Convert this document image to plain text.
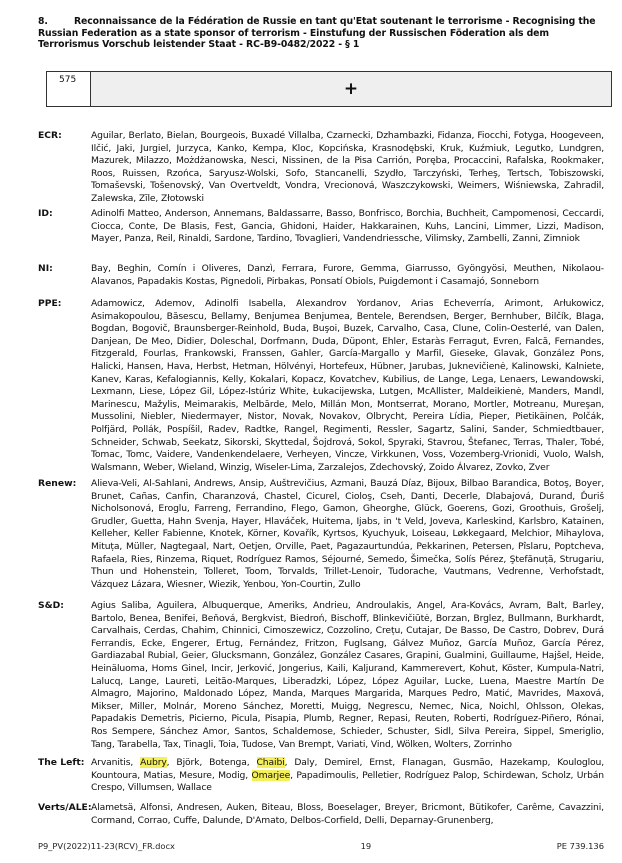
8.	Reconnaissance de la Fédération de Russie en tant qu'Etat soutenant le terrorisme - Recognising the Russian Federation as a state sponsor of terrorism - Einstufung der Russischen Föderation als dem Terrorismus Vorschub leistender Staat - RC-B9-0482/2022 - § 1
575	+
ECR:	Aguilar, Berlato, Bielan, Bourgeois, Buxadé Villalba, Czarnecki, Dzhambazki, Fidanza, Fiocchi, Fotyga, Hoogeveen, Ilčić, Jaki, Jurgiel, Jurzyca, Kanko, Kempa, Kloc, Kopcińska, Krasnodębski, Kruk, Kuźmiuk, Legutko, Lundgren, Mazurek, Milazzo, Możdżanowska, Nesci, Nissinen, de la Pisa Carrión, Poręba, Procaccini, Rafalska, Rookmaker, Roos, Ruissen, Rzońca, Saryusz-Wolski, Sofo, Stancanelli, Szydło, Tarczyński, Terheş, Tertsch, Tobiszowski, Tomaševski, Tošenovský, Van Overtveldt, Vondra, Vrecionová, Waszczykowski, Weimers, Wiśniewska, Zahradil, Zalewska, Zīle, Złotowski
ID:	Adinolfi Matteo, Anderson, Annemans, Baldassarre, Basso, Bonfrisco, Borchia, Buchheit, Campomenosi, Ceccardi, Ciocca, Conte, De Blasis, Fest, Gancia, Ghidoni, Haider, Hakkarainen, Kuhs, Lancini, Limmer, Lizzi, Madison, Mayer, Panza, Reil, Rinaldi, Sardone, Tardino, Tovaglieri, Vandendriessche, Vilimsky, Zambelli, Zanni, Zimniok
NI:	Bay, Beghin, Comín i Oliveres, Danzì, Ferrara, Furore, Gemma, Giarrusso, Gyöngyösi, Meuthen, Nikolaou-Alavanos, Papadakis Kostas, Pignedoli, Pirbakas, Ponsatí Obiols, Puigdemont i Casamajó, Sonneborn
PPE:	Adamowicz, Ademov, Adinolfi Isabella, Alexandrov Yordanov, Arias Echeverría, Arimont, Arłukowicz, Asimakopoulou, Băsescu, Bellamy, Benjumea Benjumea, Bentele, Berendsen, Berger, Bernhuber, Bilčík, Blaga, Bogdan, Bogovič, Braunsberger-Reinhold, Buda, Buşoi, Buzek, Carvalho, Casa, Clune, Colin-Oesterlé, van Dalen, Danjean, De Meo, Didier, Doleschal, Dorfmann, Duda, Düpont, Ehler, Estaràs Ferragut, Evren, Falcă, Fernandes, Fitzgerald, Fourlas, Frankowski, Franssen, Gahler, García-Margallo y Marfil, Gieseke, Glavak, González Pons, Halicki, Hansen, Hava, Herbst, Hetman, Hölvényi, Hortefeux, Hübner, Jarubas, Juknevičienė, Kalinowski, Kalniete, Kanev, Karas, Kefalogiannis, Kelly, Kokalari, Kopacz, Kovatchev, Kubilius, de Lange, Lega, Lenaers, Lewandowski, Lexmann, Liese, López Gil, López-Istúriz White, Łukacijewska, Lutgen, McAllister, Maldeikienė, Manders, Mandl, Marinescu, Mažylis, Meimarakis, Melbārde, Melo, Millán Mon, Montserrat, Morano, Mortler, Motreanu, Mureşan, Mussolini, Niebler, Niedermayer, Nistor, Novak, Novakov, Olbrycht, Pereira Lídia, Pieper, Pietikäinen, Polčák, Polfjärd, Pollák, Pospíšil, Radev, Radtke, Rangel, Regimenti, Ressler, Sagartz, Salini, Sander, Schmiedtbauer, Schneider, Schwab, Seekatz, Sikorski, Skyttedal, Šojdrová, Sokol, Spyraki, Stavrou, Štefanec, Terras, Thaler, Tobé, Tomac, Tomc, Vaidere, Vandenkendelaere, Verheyen, Vincze, Virkkunen, Voss, Vozemberg-Vrionidi, Vuolo, Walsh, Walsmann, Weber, Wieland, Winzig, Wiseler-Lima, Zarzalejos, Zdechovský, Zoido Álvarez, Zovko, Zver
Renew:	Alieva-Veli, Al-Sahlani, Andrews, Ansip, Auštrevičius, Azmani, Bauzá Díaz, Bijoux, Bilbao Barandica, Botoş, Boyer, Brunet, Cañas, Canfin, Charanzová, Chastel, Cicurel, Cioloş, Cseh, Danti, Decerle, Dlabajová, Durand, Ďuriš Nicholsonová, Eroglu, Farreng, Ferrandino, Flego, Gamon, Gheorghe, Glück, Goerens, Gozi, Groothuis, Grošelj, Grudler, Guetta, Hahn Svenja, Hayer, Hlaváček, Huitema, Ijabs, in 't Veld, Joveva, Karleskind, Karlsbro, Katainen, Kelleher, Keller Fabienne, Knotek, Körner, Kovařík, Kyrtsos, Kyuchyuk, Loiseau, Løkkegaard, Melchior, Mihaylova, Mituța, Müller, Nagtegaal, Nart, Oetjen, Orville, Paet, Pagazaurtundúa, Pekkarinen, Petersen, Pîslaru, Poptcheva, Rafaela, Ries, Rinzema, Riquet, Rodríguez Ramos, Séjourné, Semedo, Šimečka, Solís Pérez, Ştefănuță, Strugariu, Thun und Hohenstein, Tolleret, Toom, Torvalds, Trillet-Lenoir, Tudorache, Vautmans, Vedrenne, Verhofstadt, Vázquez Lázara, Wiesner, Wiezik, Yenbou, Yon-Courtin, Zullo
S&D:	Agius Saliba, Aguilera, Albuquerque, Ameriks, Andrieu, Androulakis, Angel, Ara-Kovács, Avram, Balt, Barley, Bartolo, Benea, Benifei, Beňová, Bergkvist, Biedroń, Bischoff, Blinkevičiūtė, Borzan, Brglez, Bullmann, Burkhardt, Carvalhais, Cerdas, Chahim, Chinnici, Cimoszewicz, Cozzolino, Crețu, Cutajar, De Basso, De Castro, Dobrev, Durá Ferrandis, Ecke, Engerer, Ertug, Fernández, Fritzon, Fuglsang, Gálvez Muñoz, García Muñoz, García Pérez, Gardiazabal Rubial, Geier, Glucksmann, González, González Casares, Grapini, Gualmini, Guillaume, Hajšel, Heide, Heinäluoma, Homs Ginel, Incir, Jerković, Jongerius, Kaili, Kaljurand, Kammerevert, Kohut, Köster, Kumpula-Natri, Lalucq, Lange, Laureti, Leitão-Marques, Liberadzki, López, López Aguilar, Lucke, Luena, Maestre Martín De Almagro, Majorino, Maldonado López, Manda, Marques Margarida, Marques Pedro, Matić, Mavrides, Maxová, Mikser, Miller, Molnár, Moreno Sánchez, Moretti, Muigg, Negrescu, Nemec, Nica, Noichl, Ohlsson, Olekas, Papadakis Demetris, Picierno, Picula, Pisapia, Plumb, Regner, Repasi, Reuten, Roberti, Rodríguez-Piñero, Rónai, Ros Sempere, Sánchez Amor, Santos, Schaldemose, Schieder, Schuster, Sidl, Silva Pereira, Sippel, Smeriglio, Tang, Tarabella, Tax, Tinagli, Toia, Tudose, Van Brempt, Variati, Vind, Wölken, Wolters, Zorrinho
The Left: Arvanitis, Aubry, Björk, Botenga, Chaibi, Daly, Demirel, Ernst, Flanagan, Gusmão, Hazekamp, Kouloglou, Kountoura, Matias, Mesure, Modig, Omarjee, Papadimoulis, Pelletier, Rodríguez Palop, Schirdewan, Scholz, Urbán Crespo, Villumsen, Wallace
Verts/ALE: Alametsä, Alfonsi, Andresen, Auken, Biteau, Bloss, Boeselager, Breyer, Bricmont, Bütikofer, Carême, Cavazzini, Cormand, Corrao, Cuffe, Dalunde, D'Amato, Delbos-Corfield, Delli, Deparnay-Grunenberg,
P9_PV(2022)11-23(RCV)_FR.docx	19	PE 739.136
